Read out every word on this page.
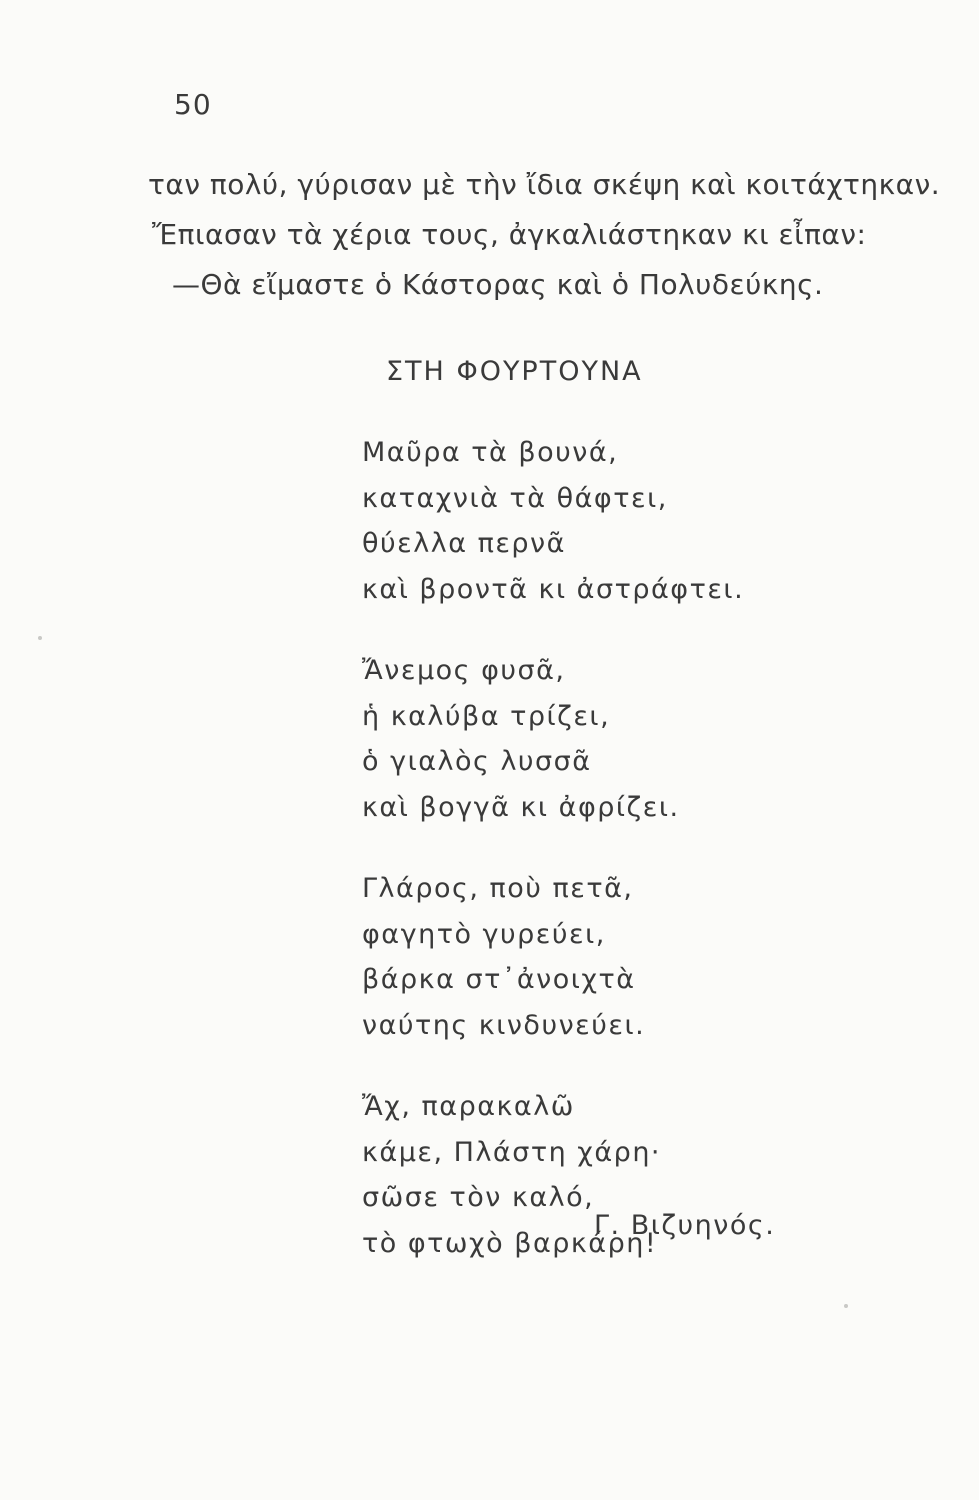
50
ταν πολύ, γύρισαν μὲ τὴν ἴδια σκέψη καὶ κοιτάχτηκαν.
Ἔπιασαν τὰ χέρια τους, ἀγκαλιάστηκαν κι εἶπαν:
—Θὰ εἴμαστε ὁ Κάστορας καὶ ὁ Πολυδεύκης.
ΣΤΗ ΦΟΥΡΤΟΥΝΑ
Μαῦρα τὰ βουνά,
καταχνιὰ τὰ θάφτει,
θύελλα περνᾶ
καὶ βροντᾶ κι ἀστράφτει.
Ἄνεμος φυσᾶ,
ἡ καλύβα τρίζει,
ὁ γιαλὸς λυσσᾶ
καὶ βογγᾶ κι ἀφρίζει.
Γλάρος, ποὺ πετᾶ,
φαγητὸ γυρεύει,
βάρκα στ᾽ἀνοιχτὰ
ναύτης κινδυνεύει.
Ἄχ, παρακαλῶ
κάμε, Πλάστη χάρη·
σῶσε τὸν καλό,
τὸ φτωχὸ βαρκάρη!
Γ. Βιζυηνός.
